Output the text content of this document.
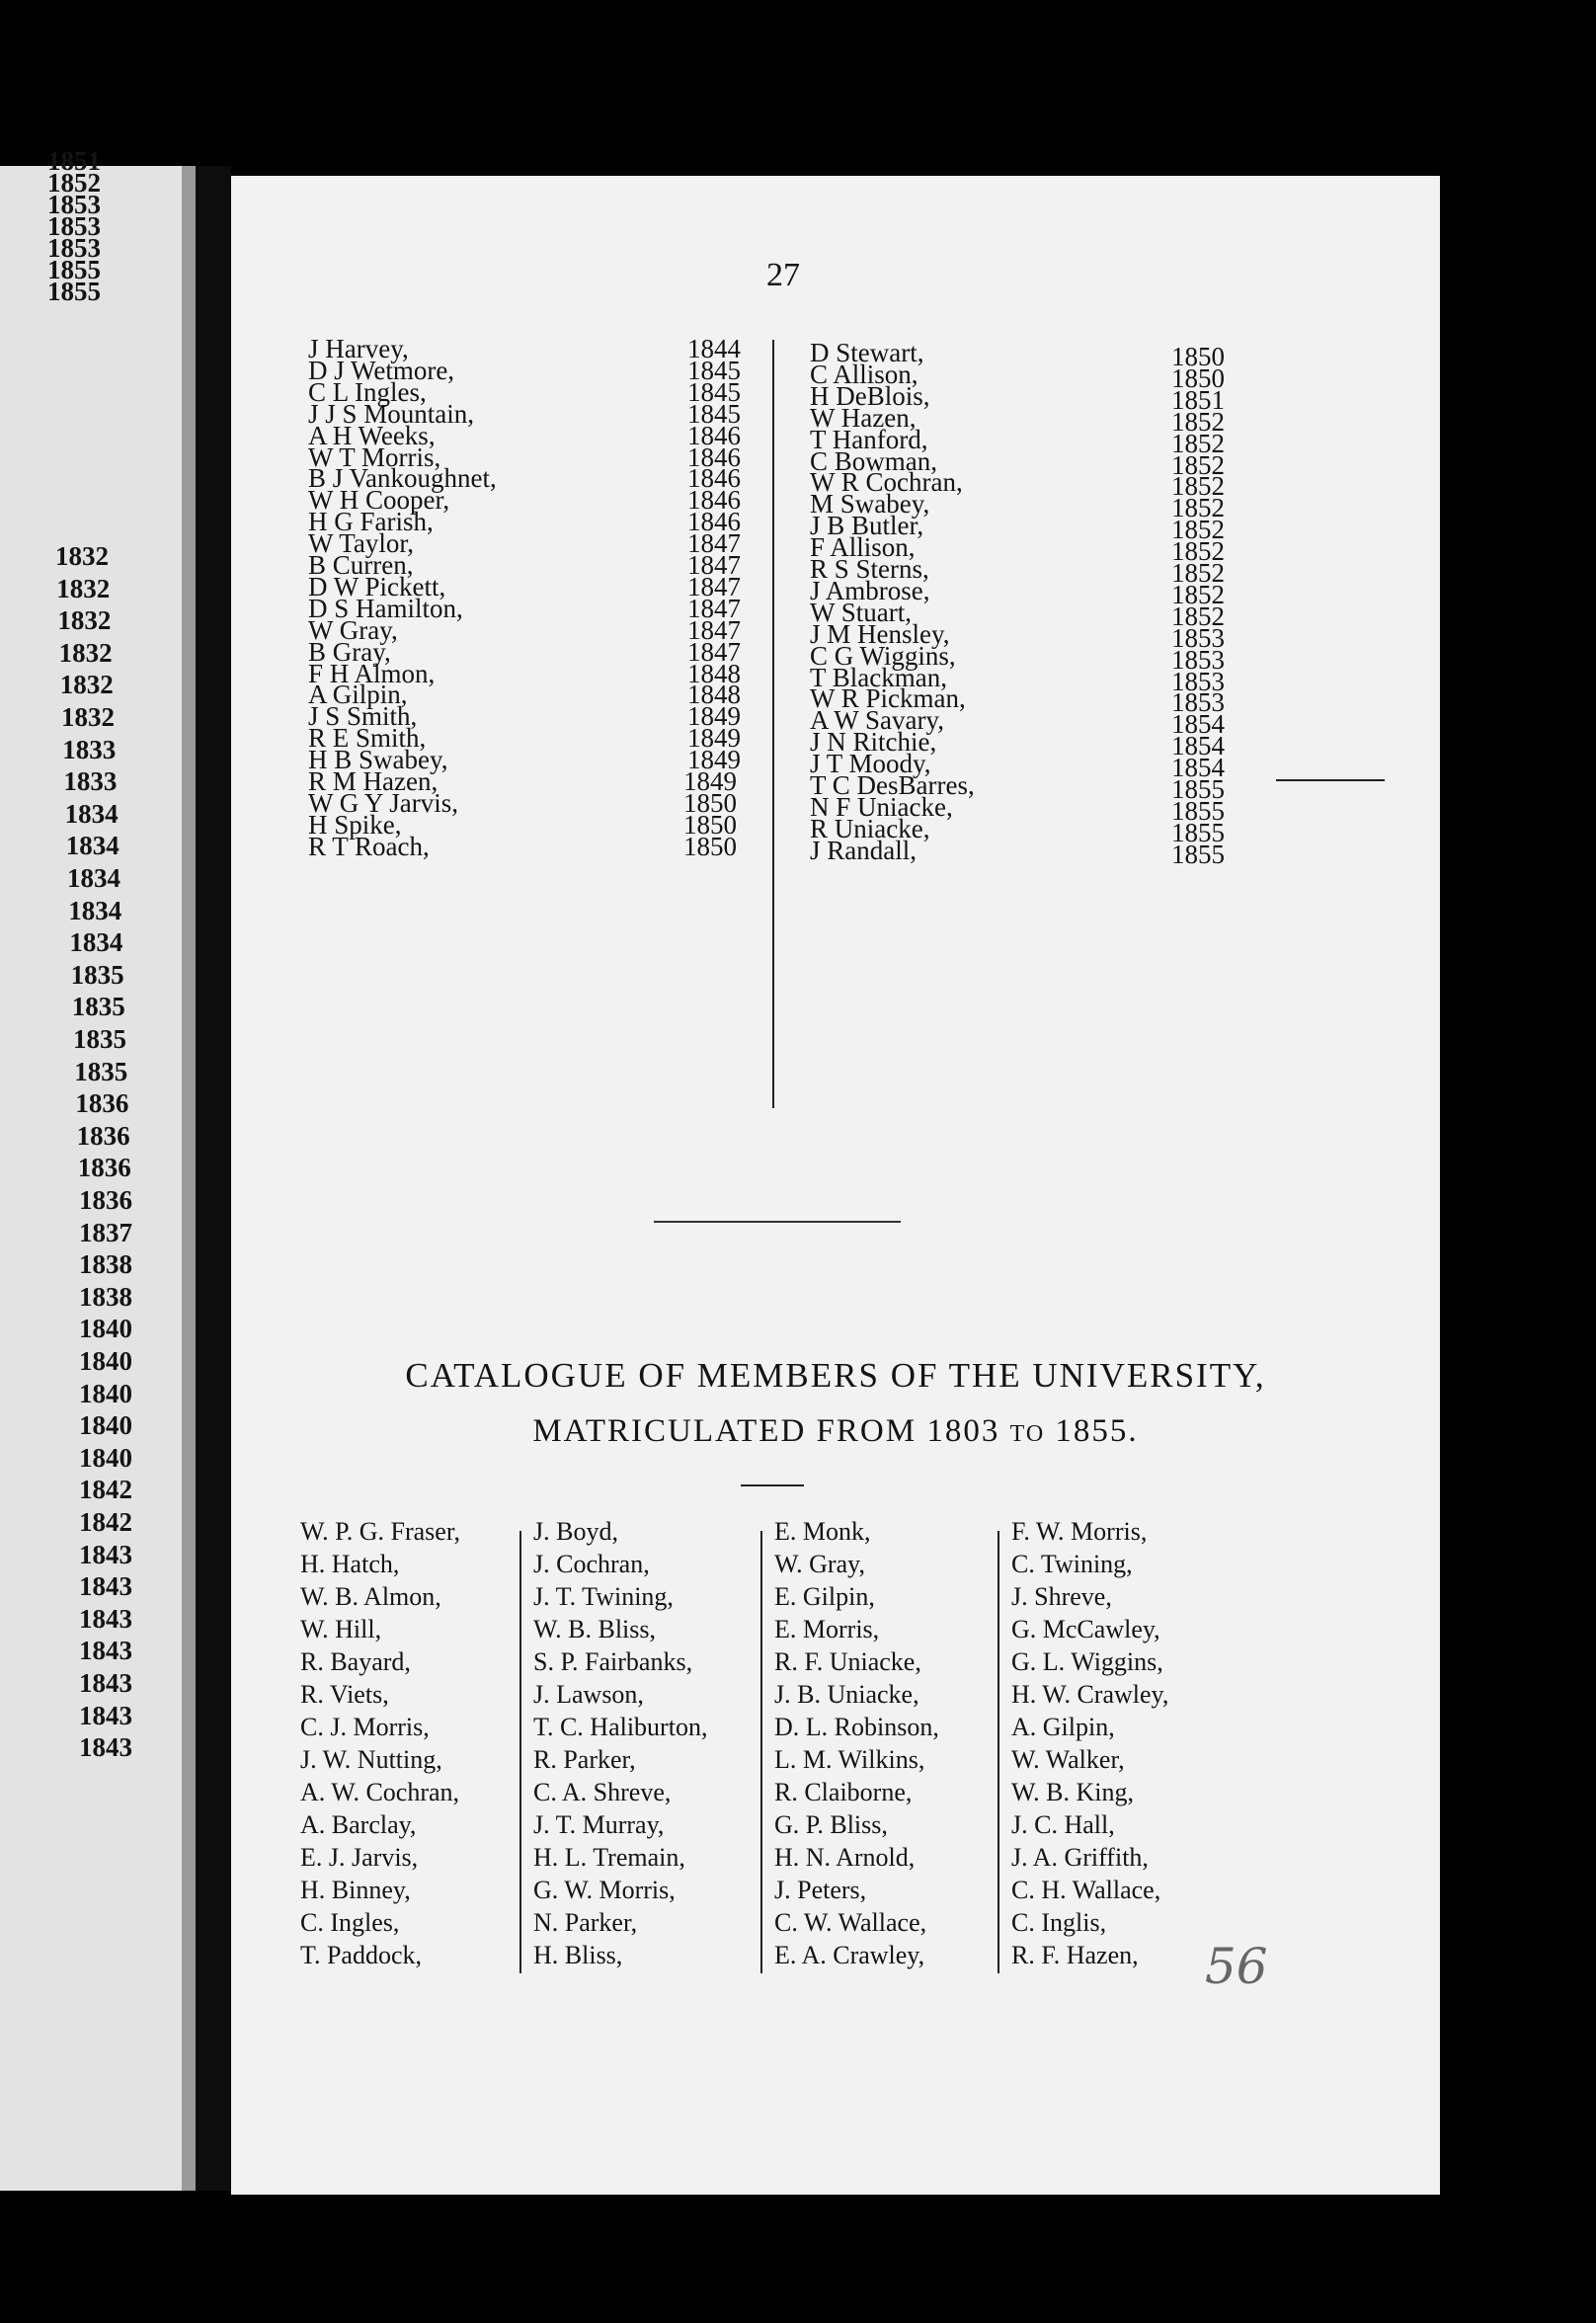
1851
1852
1853
1853
1853
1855
1855
1832
1832
1832
1832
1832
1832
1833
1833
1834
1834
1834
1834
1834
1835
1835
1835
1835
1836
1836
1836
1836
1837
1838
1838
1840
1840
1840
1840
1840
1842
1842
1843
1843
1843
1843
1843
1843
1843
27
J Harvey,	1844
D J Wetmore,	1845
C L Ingles,	1845
J J S Mountain,	1845
A H Weeks,	1846
W T Morris,	1846
B J Vankoughnet,	1846
W H Cooper,	1846
H G Farish,	1846
W Taylor,	1847
B Curren,	1847
D W Pickett,	1847
D S Hamilton,	1847
W Gray,	1847
B Gray,	1847
F H Almon,	1848
A Gilpin,	1848
J S Smith,	1849
R E Smith,	1849
H B Swabey,	1849
R M Hazen,	1849
W G Y Jarvis,	1850
H Spike,	1850
R T Roach,	1850
D Stewart,	1850
C Allison,	1850
H DeBlois,	1851
W Hazen,	1852
T Hanford,	1852
C Bowman,	1852
W R Cochran,	1852
M Swabey,	1852
J B Butler,	1852
F Allison,	1852
R S Sterns,	1852
J Ambrose,	1852
W Stuart,	1852
J M Hensley,	1853
C G Wiggins,	1853
T Blackman,	1853
W R Pickman,	1853
A W Savary,	1854
J N Ritchie,	1854
J T Moody,	1854
T C DesBarres,	1855
N F Uniacke,	1855
R Uniacke,	1855
J Randall,	1855
CATALOGUE OF MEMBERS OF THE UNIVERSITY,
MATRICULATED FROM 1803 TO 1855.
W. P. G. Fraser,
H. Hatch,
W. B. Almon,
W. Hill,
R. Bayard,
R. Viets,
C. J. Morris,
J. W. Nutting,
A. W. Cochran,
A. Barclay,
E. J. Jarvis,
H. Binney,
C. Ingles,
T. Paddock,
J. Boyd,
J. Cochran,
J. T. Twining,
W. B. Bliss,
S. P. Fairbanks,
J. Lawson,
T. C. Haliburton,
R. Parker,
C. A. Shreve,
J. T. Murray,
H. L. Tremain,
G. W. Morris,
N. Parker,
H. Bliss,
E. Monk,
W. Gray,
E. Gilpin,
E. Morris,
R. F. Uniacke,
J. B. Uniacke,
D. L. Robinson,
L. M. Wilkins,
R. Claiborne,
G. P. Bliss,
H. N. Arnold,
J. Peters,
C. W. Wallace,
E. A. Crawley,
F. W. Morris,
C. Twining,
J. Shreve,
G. McCawley,
G. L. Wiggins,
H. W. Crawley,
A. Gilpin,
W. Walker,
W. B. King,
J. C. Hall,
J. A. Griffith,
C. H. Wallace,
C. Inglis,
R. F. Hazen, 56
